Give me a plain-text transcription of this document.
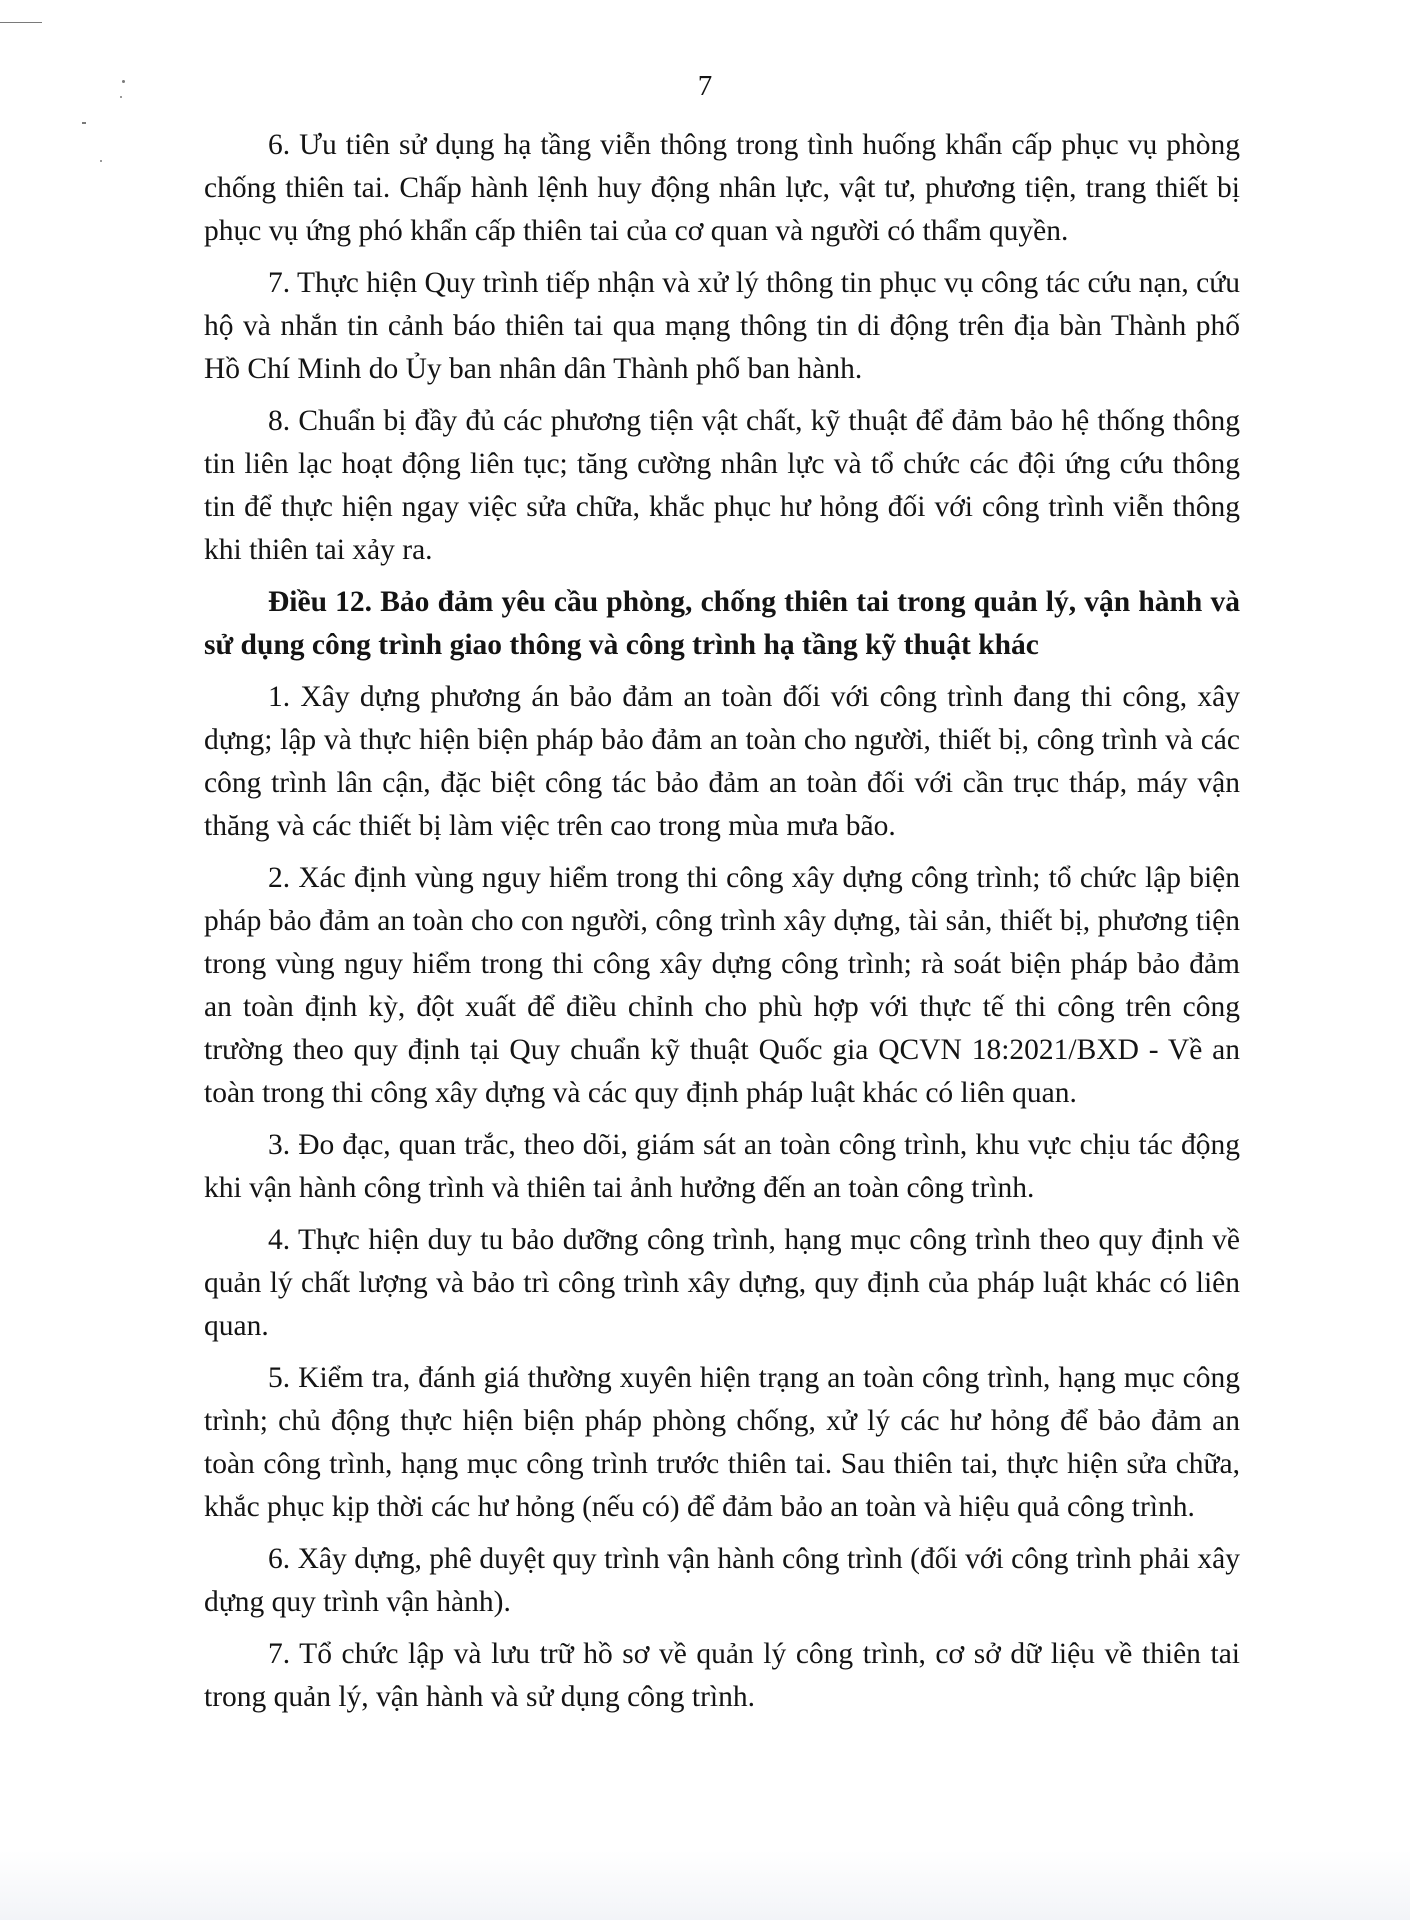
7

6. Ưu tiên sử dụng hạ tầng viễn thông trong tình huống khẩn cấp phục vụ phòng chống thiên tai. Chấp hành lệnh huy động nhân lực, vật tư, phương tiện, trang thiết bị phục vụ ứng phó khẩn cấp thiên tai của cơ quan và người có thẩm quyền.

7. Thực hiện Quy trình tiếp nhận và xử lý thông tin phục vụ công tác cứu nạn, cứu hộ và nhắn tin cảnh báo thiên tai qua mạng thông tin di động trên địa bàn Thành phố Hồ Chí Minh do Ủy ban nhân dân Thành phố ban hành.

8. Chuẩn bị đầy đủ các phương tiện vật chất, kỹ thuật để đảm bảo hệ thống thông tin liên lạc hoạt động liên tục; tăng cường nhân lực và tổ chức các đội ứng cứu thông tin để thực hiện ngay việc sửa chữa, khắc phục hư hỏng đối với công trình viễn thông khi thiên tai xảy ra.

Điều 12. Bảo đảm yêu cầu phòng, chống thiên tai trong quản lý, vận hành và sử dụng công trình giao thông và công trình hạ tầng kỹ thuật khác

1. Xây dựng phương án bảo đảm an toàn đối với công trình đang thi công, xây dựng; lập và thực hiện biện pháp bảo đảm an toàn cho người, thiết bị, công trình và các công trình lân cận, đặc biệt công tác bảo đảm an toàn đối với cần trục tháp, máy vận thăng và các thiết bị làm việc trên cao trong mùa mưa bão.

2. Xác định vùng nguy hiểm trong thi công xây dựng công trình; tổ chức lập biện pháp bảo đảm an toàn cho con người, công trình xây dựng, tài sản, thiết bị, phương tiện trong vùng nguy hiểm trong thi công xây dựng công trình; rà soát biện pháp bảo đảm an toàn định kỳ, đột xuất để điều chỉnh cho phù hợp với thực tế thi công trên công trường theo quy định tại Quy chuẩn kỹ thuật Quốc gia QCVN 18:2021/BXD - Về an toàn trong thi công xây dựng và các quy định pháp luật khác có liên quan.

3. Đo đạc, quan trắc, theo dõi, giám sát an toàn công trình, khu vực chịu tác động khi vận hành công trình và thiên tai ảnh hưởng đến an toàn công trình.

4. Thực hiện duy tu bảo dưỡng công trình, hạng mục công trình theo quy định về quản lý chất lượng và bảo trì công trình xây dựng, quy định của pháp luật khác có liên quan.

5. Kiểm tra, đánh giá thường xuyên hiện trạng an toàn công trình, hạng mục công trình; chủ động thực hiện biện pháp phòng chống, xử lý các hư hỏng để bảo đảm an toàn công trình, hạng mục công trình trước thiên tai. Sau thiên tai, thực hiện sửa chữa, khắc phục kịp thời các hư hỏng (nếu có) để đảm bảo an toàn và hiệu quả công trình.

6. Xây dựng, phê duyệt quy trình vận hành công trình (đối với công trình phải xây dựng quy trình vận hành).

7. Tổ chức lập và lưu trữ hồ sơ về quản lý công trình, cơ sở dữ liệu về thiên tai trong quản lý, vận hành và sử dụng công trình.
